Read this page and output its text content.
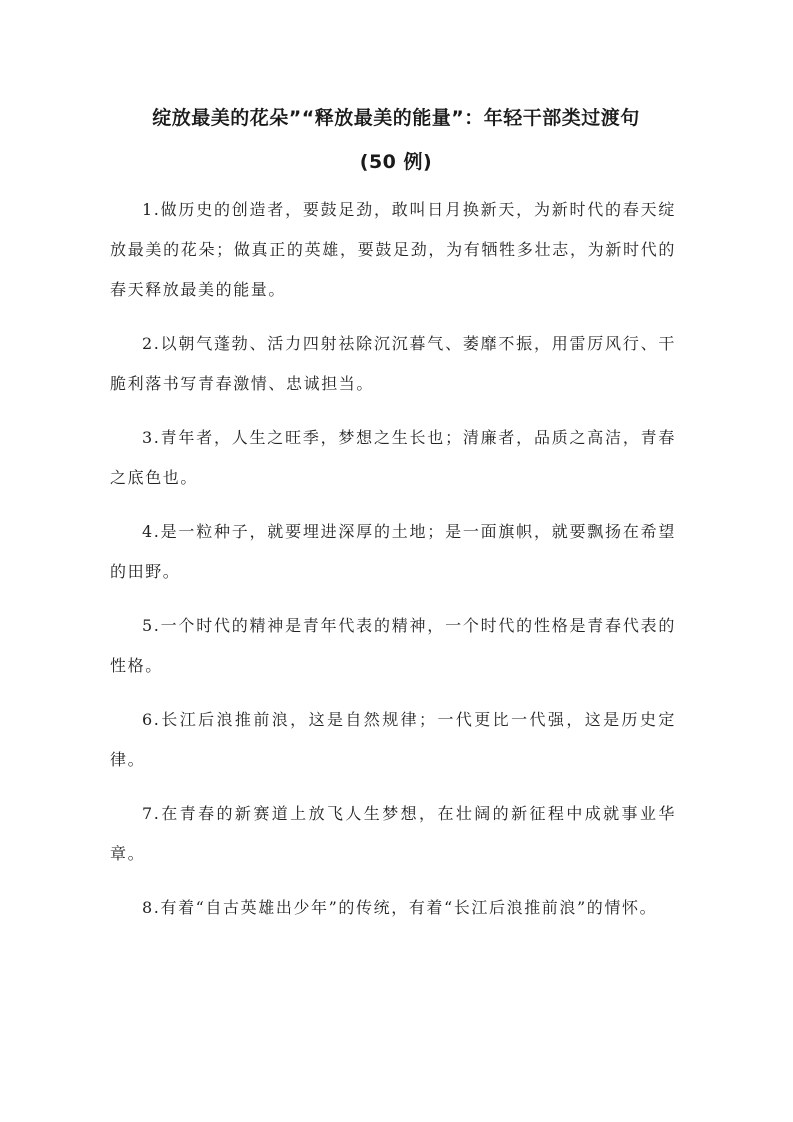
绽放最美的花朵”“释放最美的能量”：年轻干部类过渡句
(50 例)

1.做历史的创造者，要鼓足劲，敢叫日月换新天，为新时代的春天绽放最美的花朵；做真正的英雄，要鼓足劲，为有牺牲多壮志，为新时代的春天释放最美的能量。

2.以朝气蓬勃、活力四射祛除沉沉暮气、萎靡不振，用雷厉风行、干脆利落书写青春激情、忠诚担当。

3.青年者，人生之旺季，梦想之生长也；清廉者，品质之高洁，青春之底色也。

4.是一粒种子，就要埋进深厚的土地；是一面旗帜，就要飘扬在希望的田野。

5.一个时代的精神是青年代表的精神，一个时代的性格是青春代表的性格。

6.长江后浪推前浪，这是自然规律；一代更比一代强，这是历史定律。

7.在青春的新赛道上放飞人生梦想，在壮阔的新征程中成就事业华章。

8.有着“自古英雄出少年”的传统，有着“长江后浪推前浪”的情怀。
